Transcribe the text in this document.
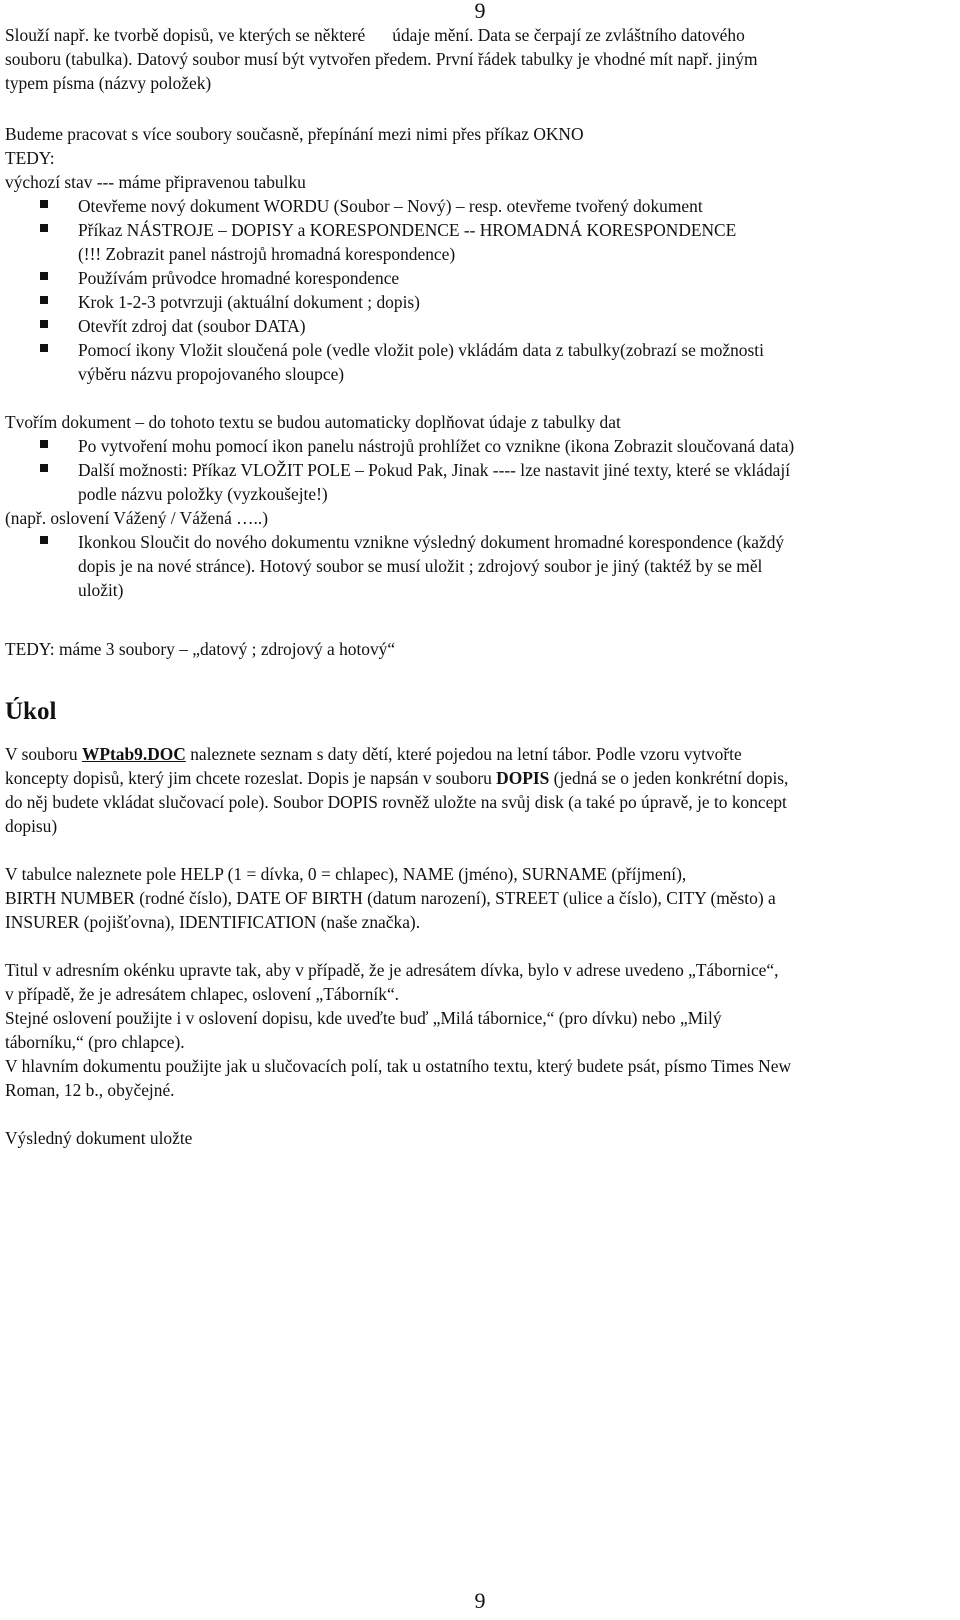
9
Slouží např. ke tvorbě dopisů, ve kterých se některé údaje mění. Data se čerpají ze zvláštního datového
souboru (tabulka). Datový soubor musí být vytvořen předem. První řádek tabulky je vhodné mít např. jiným
typem písma (názvy položek)
Budeme pracovat s více soubory současně, přepínání mezi nimi přes příkaz OKNO
TEDY:
výchozí stav --- máme připravenou tabulku
Otevřeme nový dokument WORDU (Soubor – Nový) – resp. otevřeme tvořený dokument
Příkaz NÁSTROJE – DOPISY a KORESPONDENCE -- HROMADNÁ KORESPONDENCE
(!!! Zobrazit panel nástrojů hromadná korespondence)
Používám průvodce hromadné korespondence
Krok 1-2-3 potvrzuji (aktuální dokument ; dopis)
Otevřít zdroj dat (soubor DATA)
Pomocí ikony Vložit sloučená pole (vedle vložit pole) vkládám data z tabulky(zobrazí se možnosti
výběru názvu propojovaného sloupce)
Tvořím dokument – do tohoto textu se budou automaticky doplňovat údaje z tabulky dat
Po vytvoření mohu pomocí ikon panelu nástrojů prohlížet co vznikne (ikona Zobrazit sloučovaná data)
Další možnosti: Příkaz VLOŽIT POLE – Pokud Pak, Jinak ---- lze nastavit jiné texty, které se vkládají
podle názvu položky (vyzkoušejte!)
(např. oslovení Vážený / Vážená …..)
Ikonkou Sloučit do nového dokumentu vznikne výsledný dokument hromadné korespondence (každý
dopis je na nové stránce). Hotový soubor se musí uložit ; zdrojový soubor je jiný (taktéž by se měl
uložit)
TEDY: máme 3 soubory – „datový ; zdrojový a hotový“
Úkol
V souboru WPtab9.DOC naleznete seznam s daty dětí, které pojedou na letní tábor. Podle vzoru vytvořte
koncepty dopisů, který jim chcete rozeslat. Dopis je napsán v souboru DOPIS (jedná se o jeden konkrétní dopis,
do něj budete vkládat slučovací pole). Soubor DOPIS rovněž uložte na svůj disk (a také po úpravě, je to koncept
dopisu)
V tabulce naleznete pole HELP (1 = dívka, 0 = chlapec), NAME (jméno), SURNAME (příjmení),
BIRTH NUMBER (rodné číslo), DATE OF BIRTH (datum narození), STREET (ulice a číslo), CITY (město) a
INSURER (pojišťovna), IDENTIFICATION (naše značka).
Titul v adresním okénku upravte tak, aby v případě, že je adresátem dívka, bylo v adrese uvedeno „Tábornice“,
v případě, že je adresátem chlapec, oslovení „Táborník“.
Stejné oslovení použijte i v oslovení dopisu, kde uveďte buď „Milá tábornice,“ (pro dívku) nebo „Milý
táborníku,“ (pro chlapce).
V hlavním dokumentu použijte jak u slučovacích polí, tak u ostatního textu, který budete psát, písmo Times New
Roman, 12 b., obyčejné.
Výsledný dokument uložte
9
